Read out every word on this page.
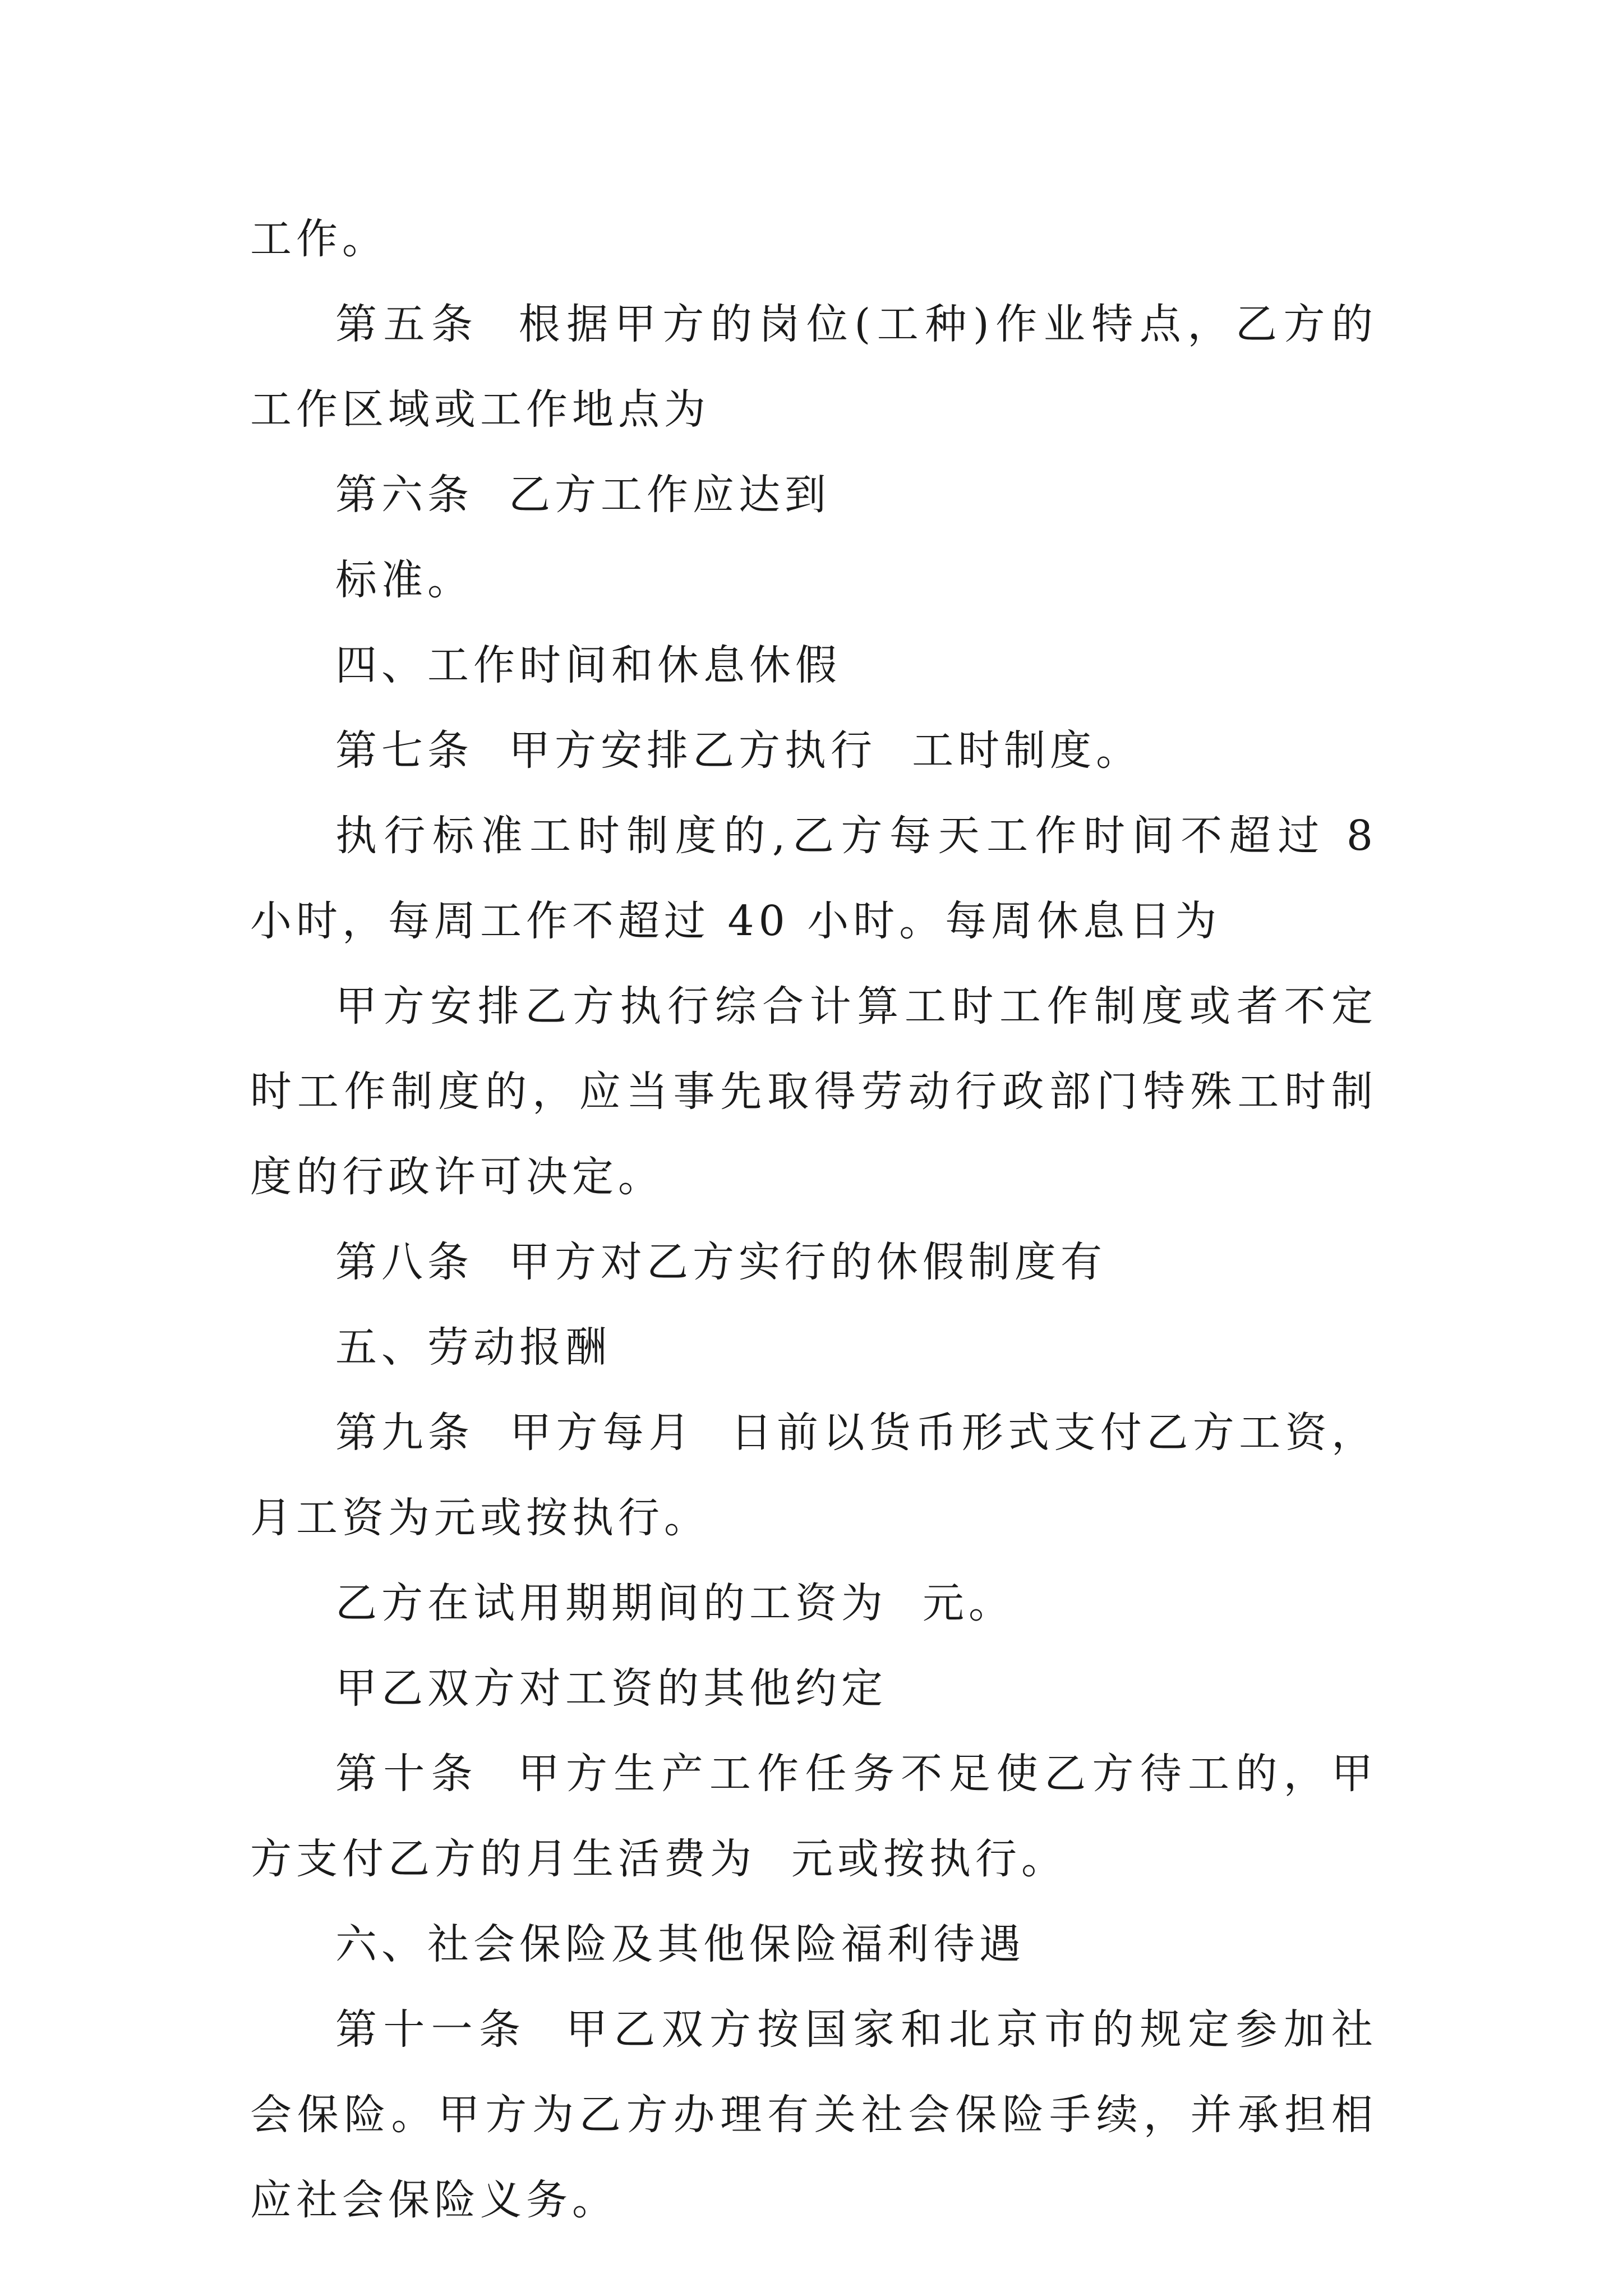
工作。

第五条  根据甲方的岗位(工种)作业特点，乙方的工作区域或工作地点为

第六条  乙方工作应达到

标准。

四、工作时间和休息休假

第七条  甲方安排乙方执行  工时制度。

执行标准工时制度的,乙方每天工作时间不超过 8 小时，每周工作不超过 40 小时。每周休息日为

甲方安排乙方执行综合计算工时工作制度或者不定时工作制度的，应当事先取得劳动行政部门特殊工时制度的行政许可决定。

第八条  甲方对乙方实行的休假制度有

五、劳动报酬

第九条  甲方每月  日前以货币形式支付乙方工资，月工资为元或按执行。

乙方在试用期期间的工资为  元。

甲乙双方对工资的其他约定

第十条  甲方生产工作任务不足使乙方待工的，甲方支付乙方的月生活费为  元或按执行。

六、社会保险及其他保险福利待遇

第十一条  甲乙双方按国家和北京市的规定参加社会保险。甲方为乙方办理有关社会保险手续，并承担相应社会保险义务。
